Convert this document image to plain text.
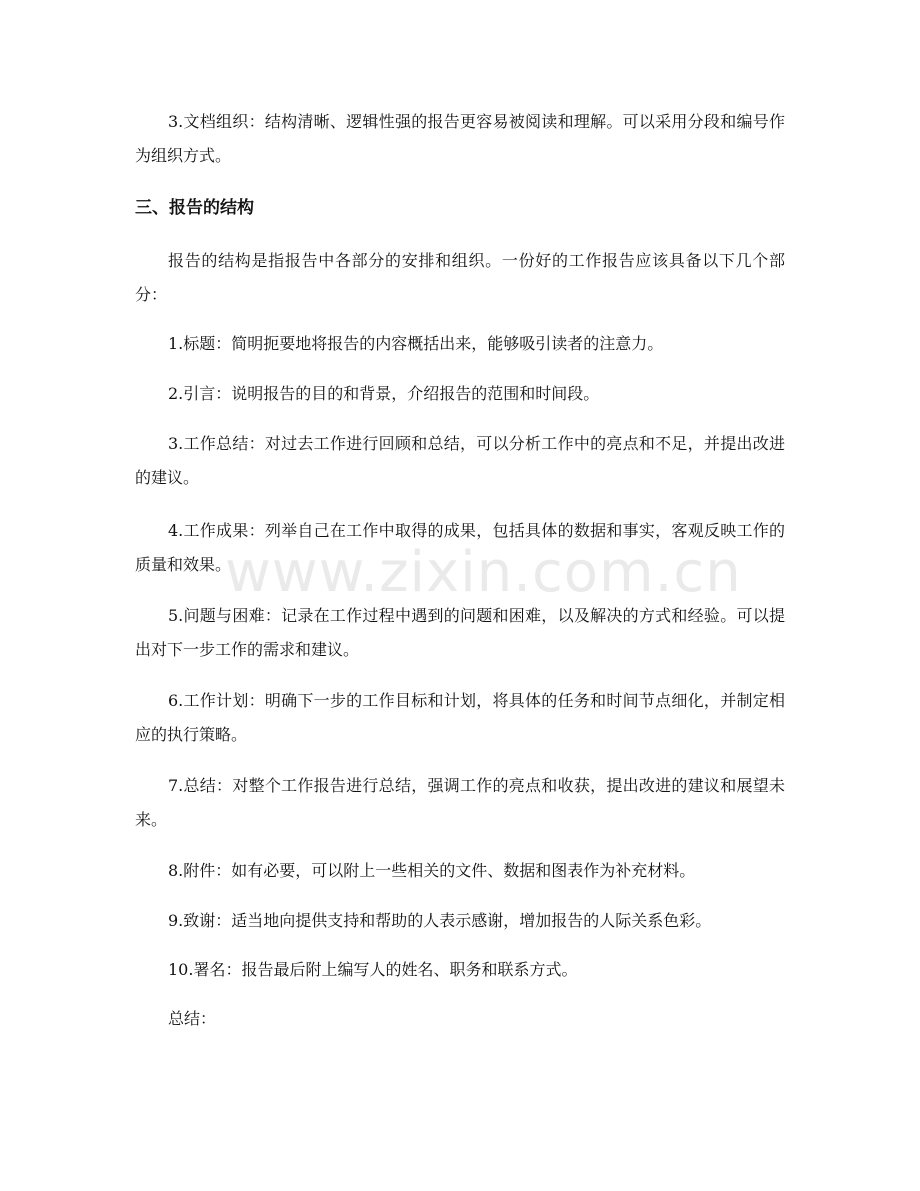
www.zixin.com.cn

3.文档组织：结构清晰、逻辑性强的报告更容易被阅读和理解。可以采用分段和编号作为组织方式。

三、报告的结构

报告的结构是指报告中各部分的安排和组织。一份好的工作报告应该具备以下几个部分：

1.标题：简明扼要地将报告的内容概括出来，能够吸引读者的注意力。

2.引言：说明报告的目的和背景，介绍报告的范围和时间段。

3.工作总结：对过去工作进行回顾和总结，可以分析工作中的亮点和不足，并提出改进的建议。

4.工作成果：列举自己在工作中取得的成果，包括具体的数据和事实，客观反映工作的质量和效果。

5.问题与困难：记录在工作过程中遇到的问题和困难，以及解决的方式和经验。可以提出对下一步工作的需求和建议。

6.工作计划：明确下一步的工作目标和计划，将具体的任务和时间节点细化，并制定相应的执行策略。

7.总结：对整个工作报告进行总结，强调工作的亮点和收获，提出改进的建议和展望未来。

8.附件：如有必要，可以附上一些相关的文件、数据和图表作为补充材料。

9.致谢：适当地向提供支持和帮助的人表示感谢，增加报告的人际关系色彩。

10.署名：报告最后附上编写人的姓名、职务和联系方式。

总结：
